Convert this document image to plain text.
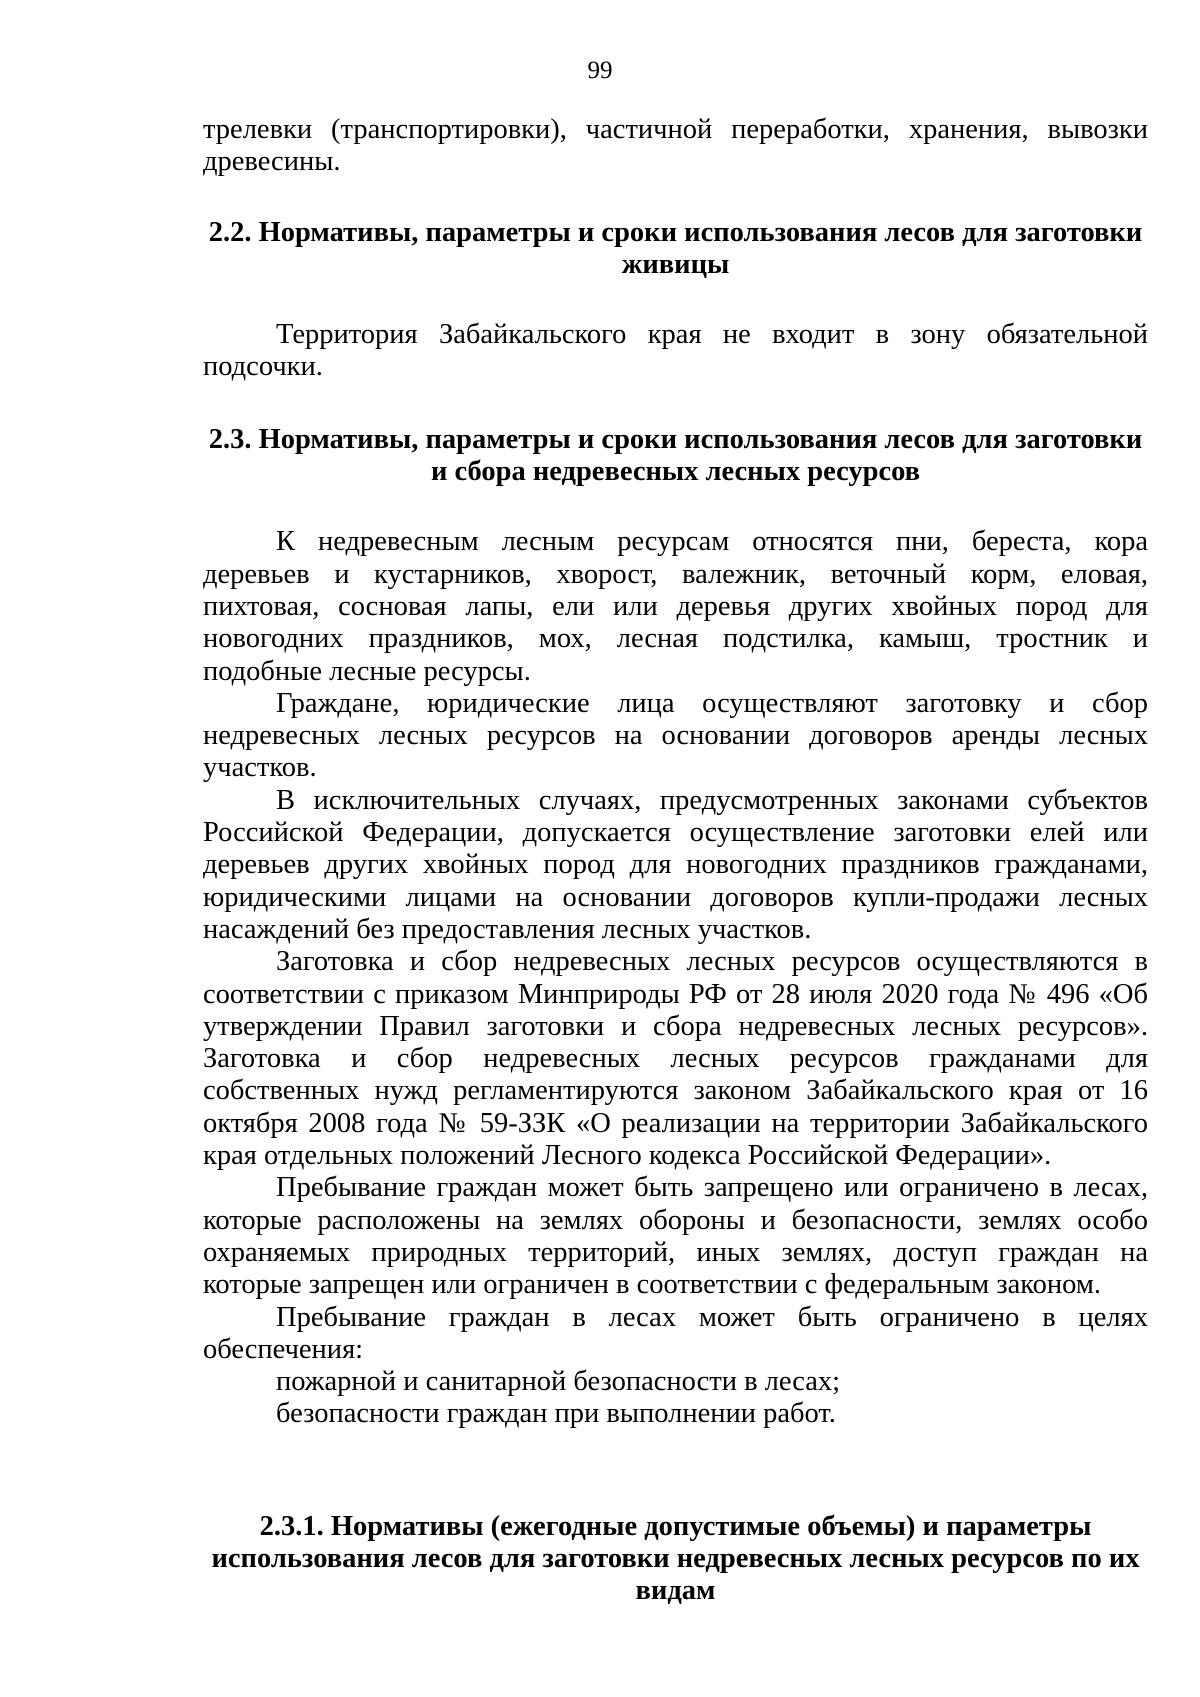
99

трелевки (транспортировки), частичной переработки, хранения, вывозки древесины.

2.2. Нормативы, параметры и сроки использования лесов для заготовки живицы

Территория Забайкальского края не входит в зону обязательной подсочки.

2.3. Нормативы, параметры и сроки использования лесов для заготовки и сбора недревесных лесных ресурсов

К недревесным лесным ресурсам относятся пни, береста, кора деревьев и кустарников, хворост, валежник, веточный корм, еловая, пихтовая, сосновая лапы, ели или деревья других хвойных пород для новогодних праздников, мох, лесная подстилка, камыш, тростник и подобные лесные ресурсы.

Граждане, юридические лица осуществляют заготовку и сбор недревесных лесных ресурсов на основании договоров аренды лесных участков.

В исключительных случаях, предусмотренных законами субъектов Российской Федерации, допускается осуществление заготовки елей или деревьев других хвойных пород для новогодних праздников гражданами, юридическими лицами на основании договоров купли-продажи лесных насаждений без предоставления лесных участков.

Заготовка и сбор недревесных лесных ресурсов осуществляются в соответствии с приказом Минприроды РФ от 28 июля 2020 года № 496 «Об утверждении Правил заготовки и сбора недревесных лесных ресурсов». Заготовка и сбор недревесных лесных ресурсов гражданами для собственных нужд регламентируются законом Забайкальского края от 16 октября 2008 года № 59-ЗЗК «О реализации на территории Забайкальского края отдельных положений Лесного кодекса Российской Федерации».

Пребывание граждан может быть запрещено или ограничено в лесах, которые расположены на землях обороны и безопасности, землях особо охраняемых природных территорий, иных землях, доступ граждан на которые запрещен или ограничен в соответствии с федеральным законом.

Пребывание граждан в лесах может быть ограничено в целях обеспечения:

пожарной и санитарной безопасности в лесах;

безопасности граждан при выполнении работ.

2.3.1. Нормативы (ежегодные допустимые объемы) и параметры использования лесов для заготовки недревесных лесных ресурсов по их видам
